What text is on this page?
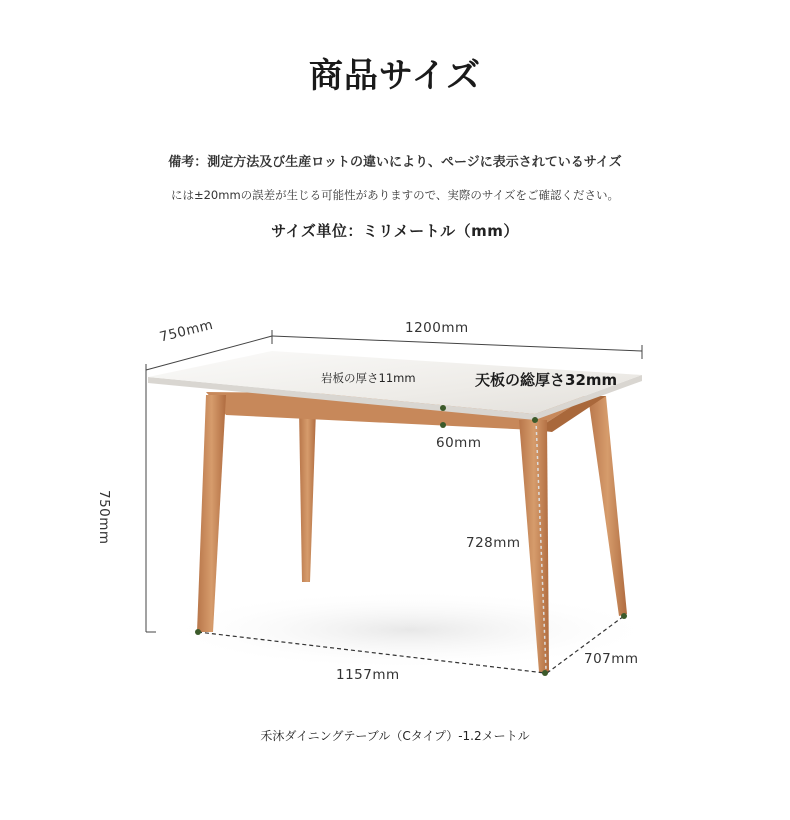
商品サイズ
備考：測定方法及び生産ロットの違いにより、ページに表示されているサイズ
には±20mmの誤差が生じる可能性がありますので、実際のサイズをご確認ください。
サイズ単位：ミリメートル（mm）
750mm	1200mm
750mm
岩板の厚さ11mm	天板の総厚さ32mm
60mm
728mm
1157mm
707mm
禾沐ダイニングテーブル（Cタイプ）-1.2メートル
